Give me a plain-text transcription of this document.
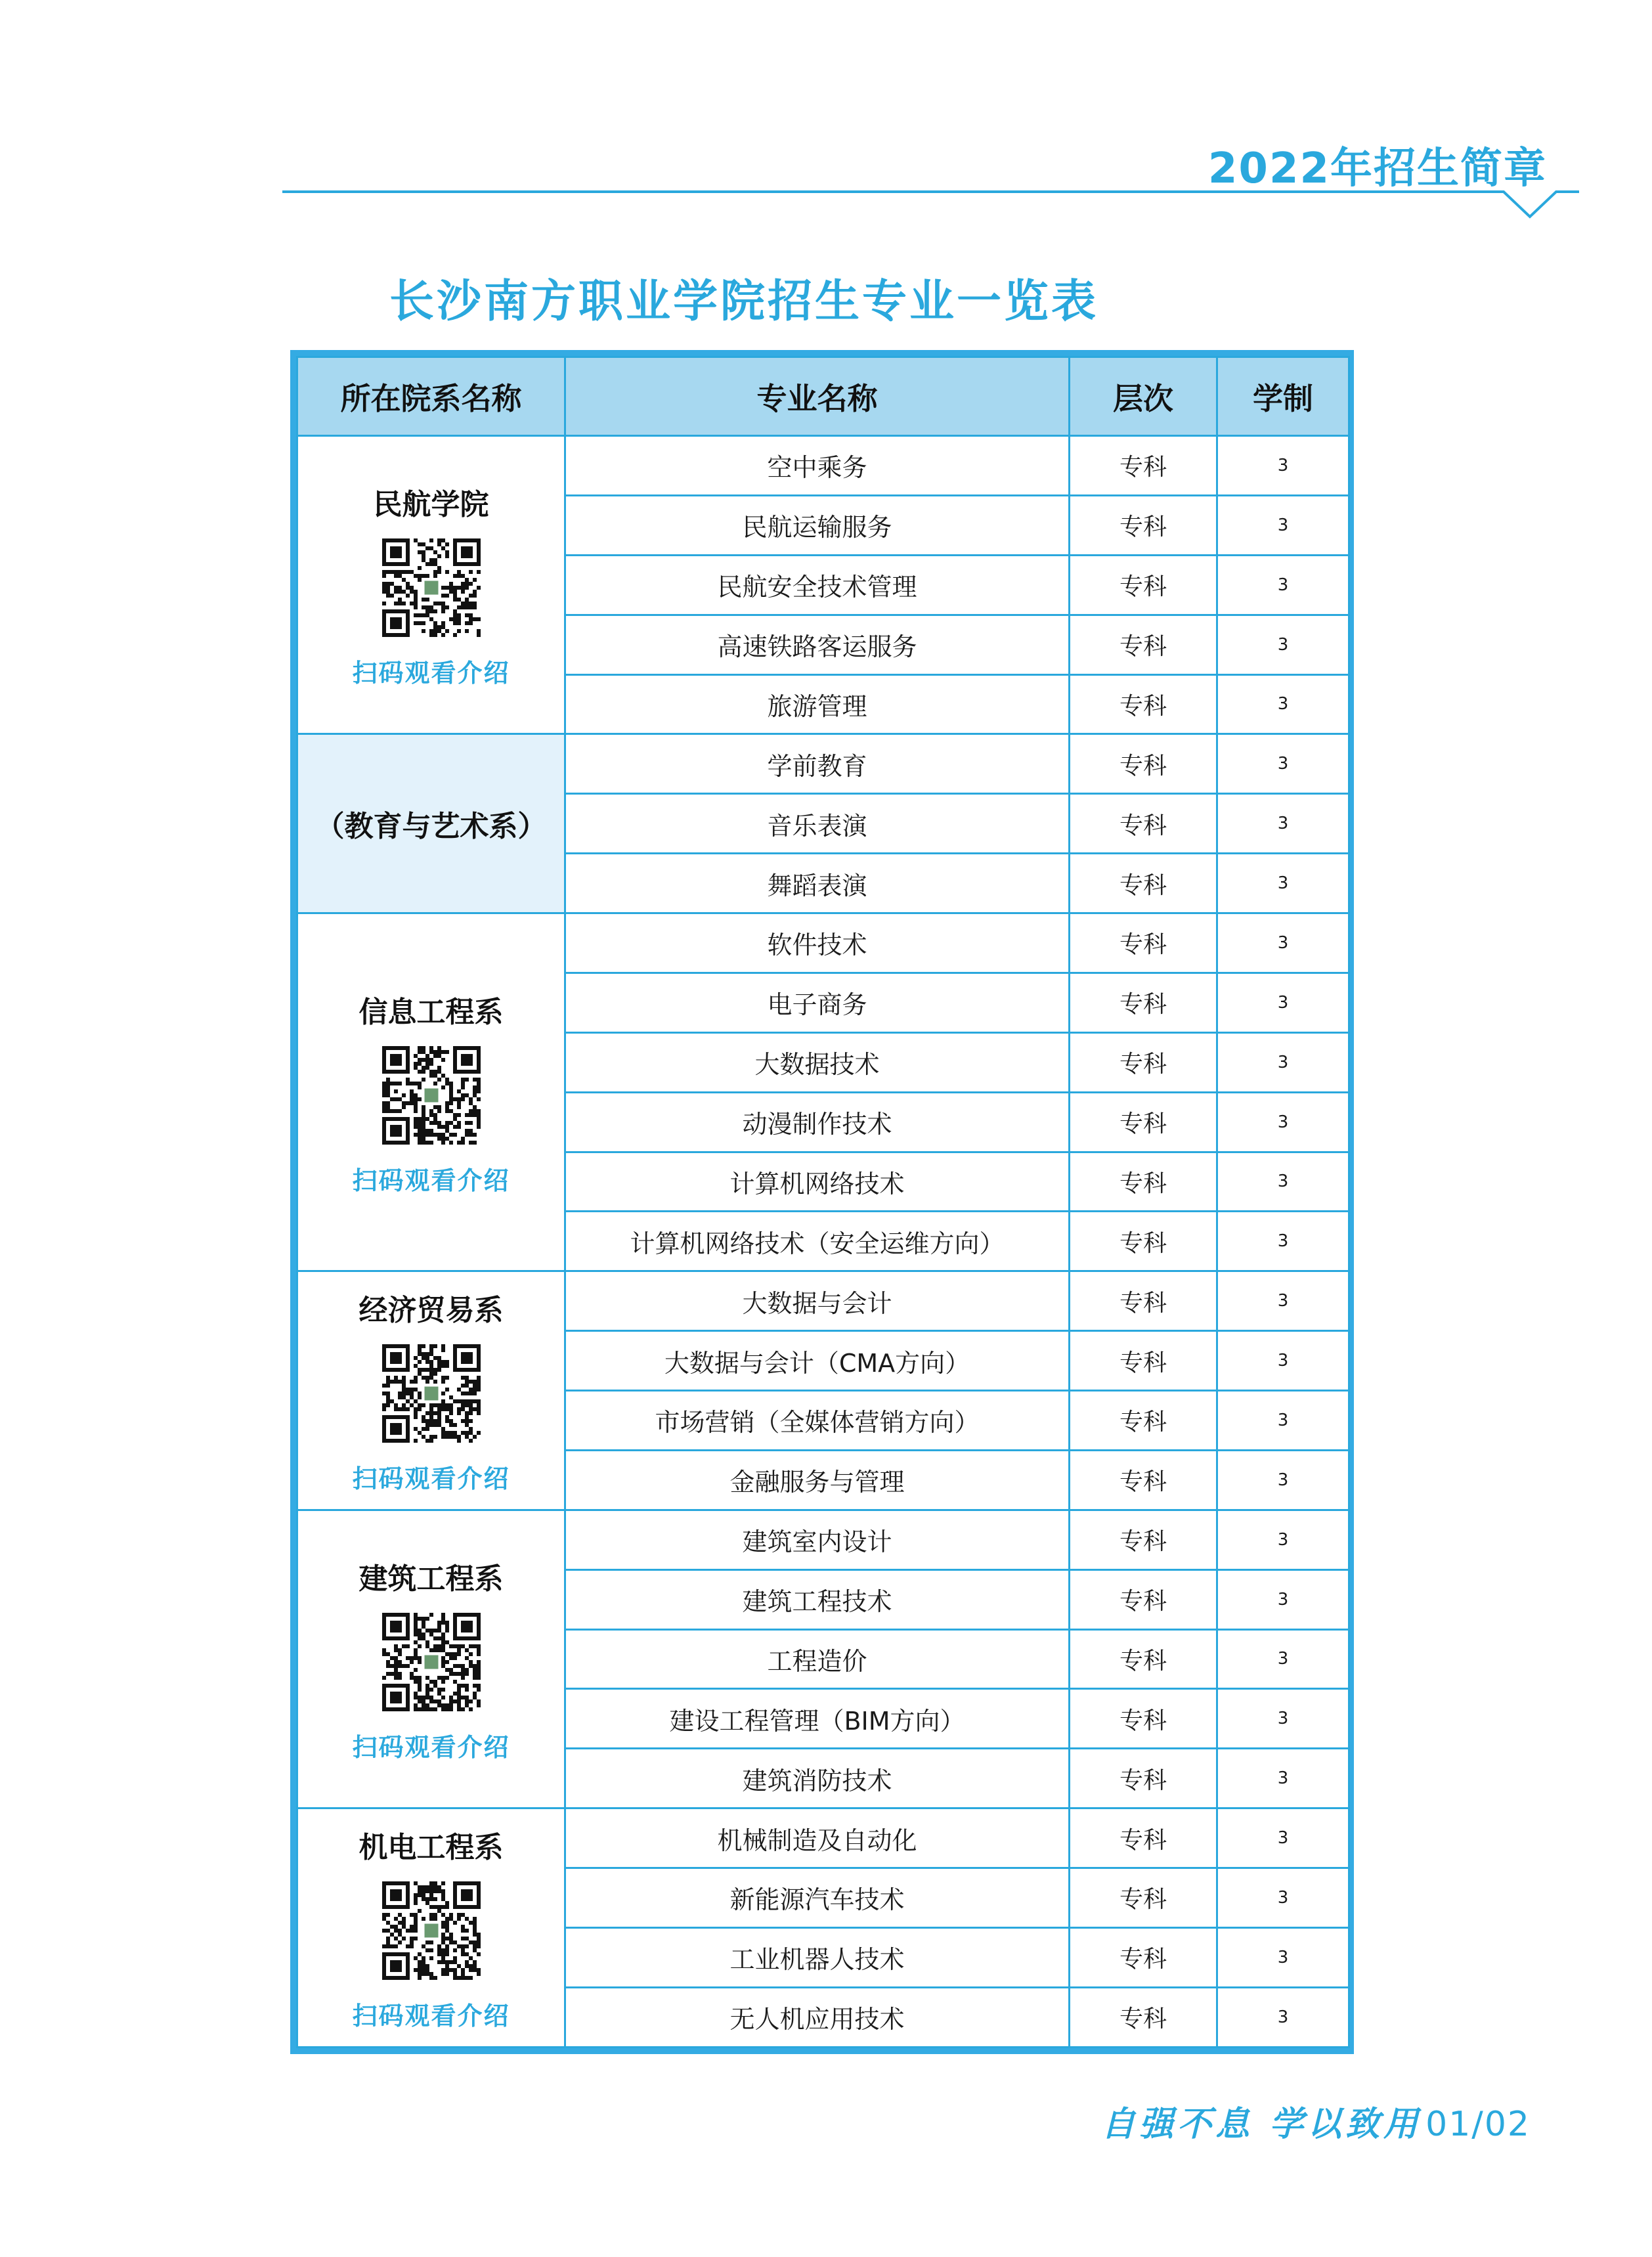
2022年招生简章
长沙南方职业学院招生专业一览表
所在院系名称	专业名称	层次	学制

民航学院
扫码观看介绍	空中乘务	专科	3
	民航运输服务	专科	3
	民航安全技术管理	专科	3
	高速铁路客运服务	专科	3
	旅游管理	专科	3

（教育与艺术系）	学前教育	专科	3
	音乐表演	专科	3
	舞蹈表演	专科	3

信息工程系
扫码观看介绍	软件技术	专科	3
	电子商务	专科	3
	大数据技术	专科	3
	动漫制作技术	专科	3
	计算机网络技术	专科	3
	计算机网络技术（安全运维方向）	专科	3

经济贸易系
扫码观看介绍	大数据与会计	专科	3
	大数据与会计（CMA方向）	专科	3
	市场营销（全媒体营销方向）	专科	3
	金融服务与管理	专科	3

建筑工程系
扫码观看介绍	建筑室内设计	专科	3
	建筑工程技术	专科	3
	工程造价	专科	3
	建设工程管理（BIM方向）	专科	3
	建筑消防技术	专科	3

机电工程系
扫码观看介绍	机械制造及自动化	专科	3
	新能源汽车技术	专科	3
	工业机器人技术	专科	3
	无人机应用技术	专科	3
自强不息 学以致用 01/02
